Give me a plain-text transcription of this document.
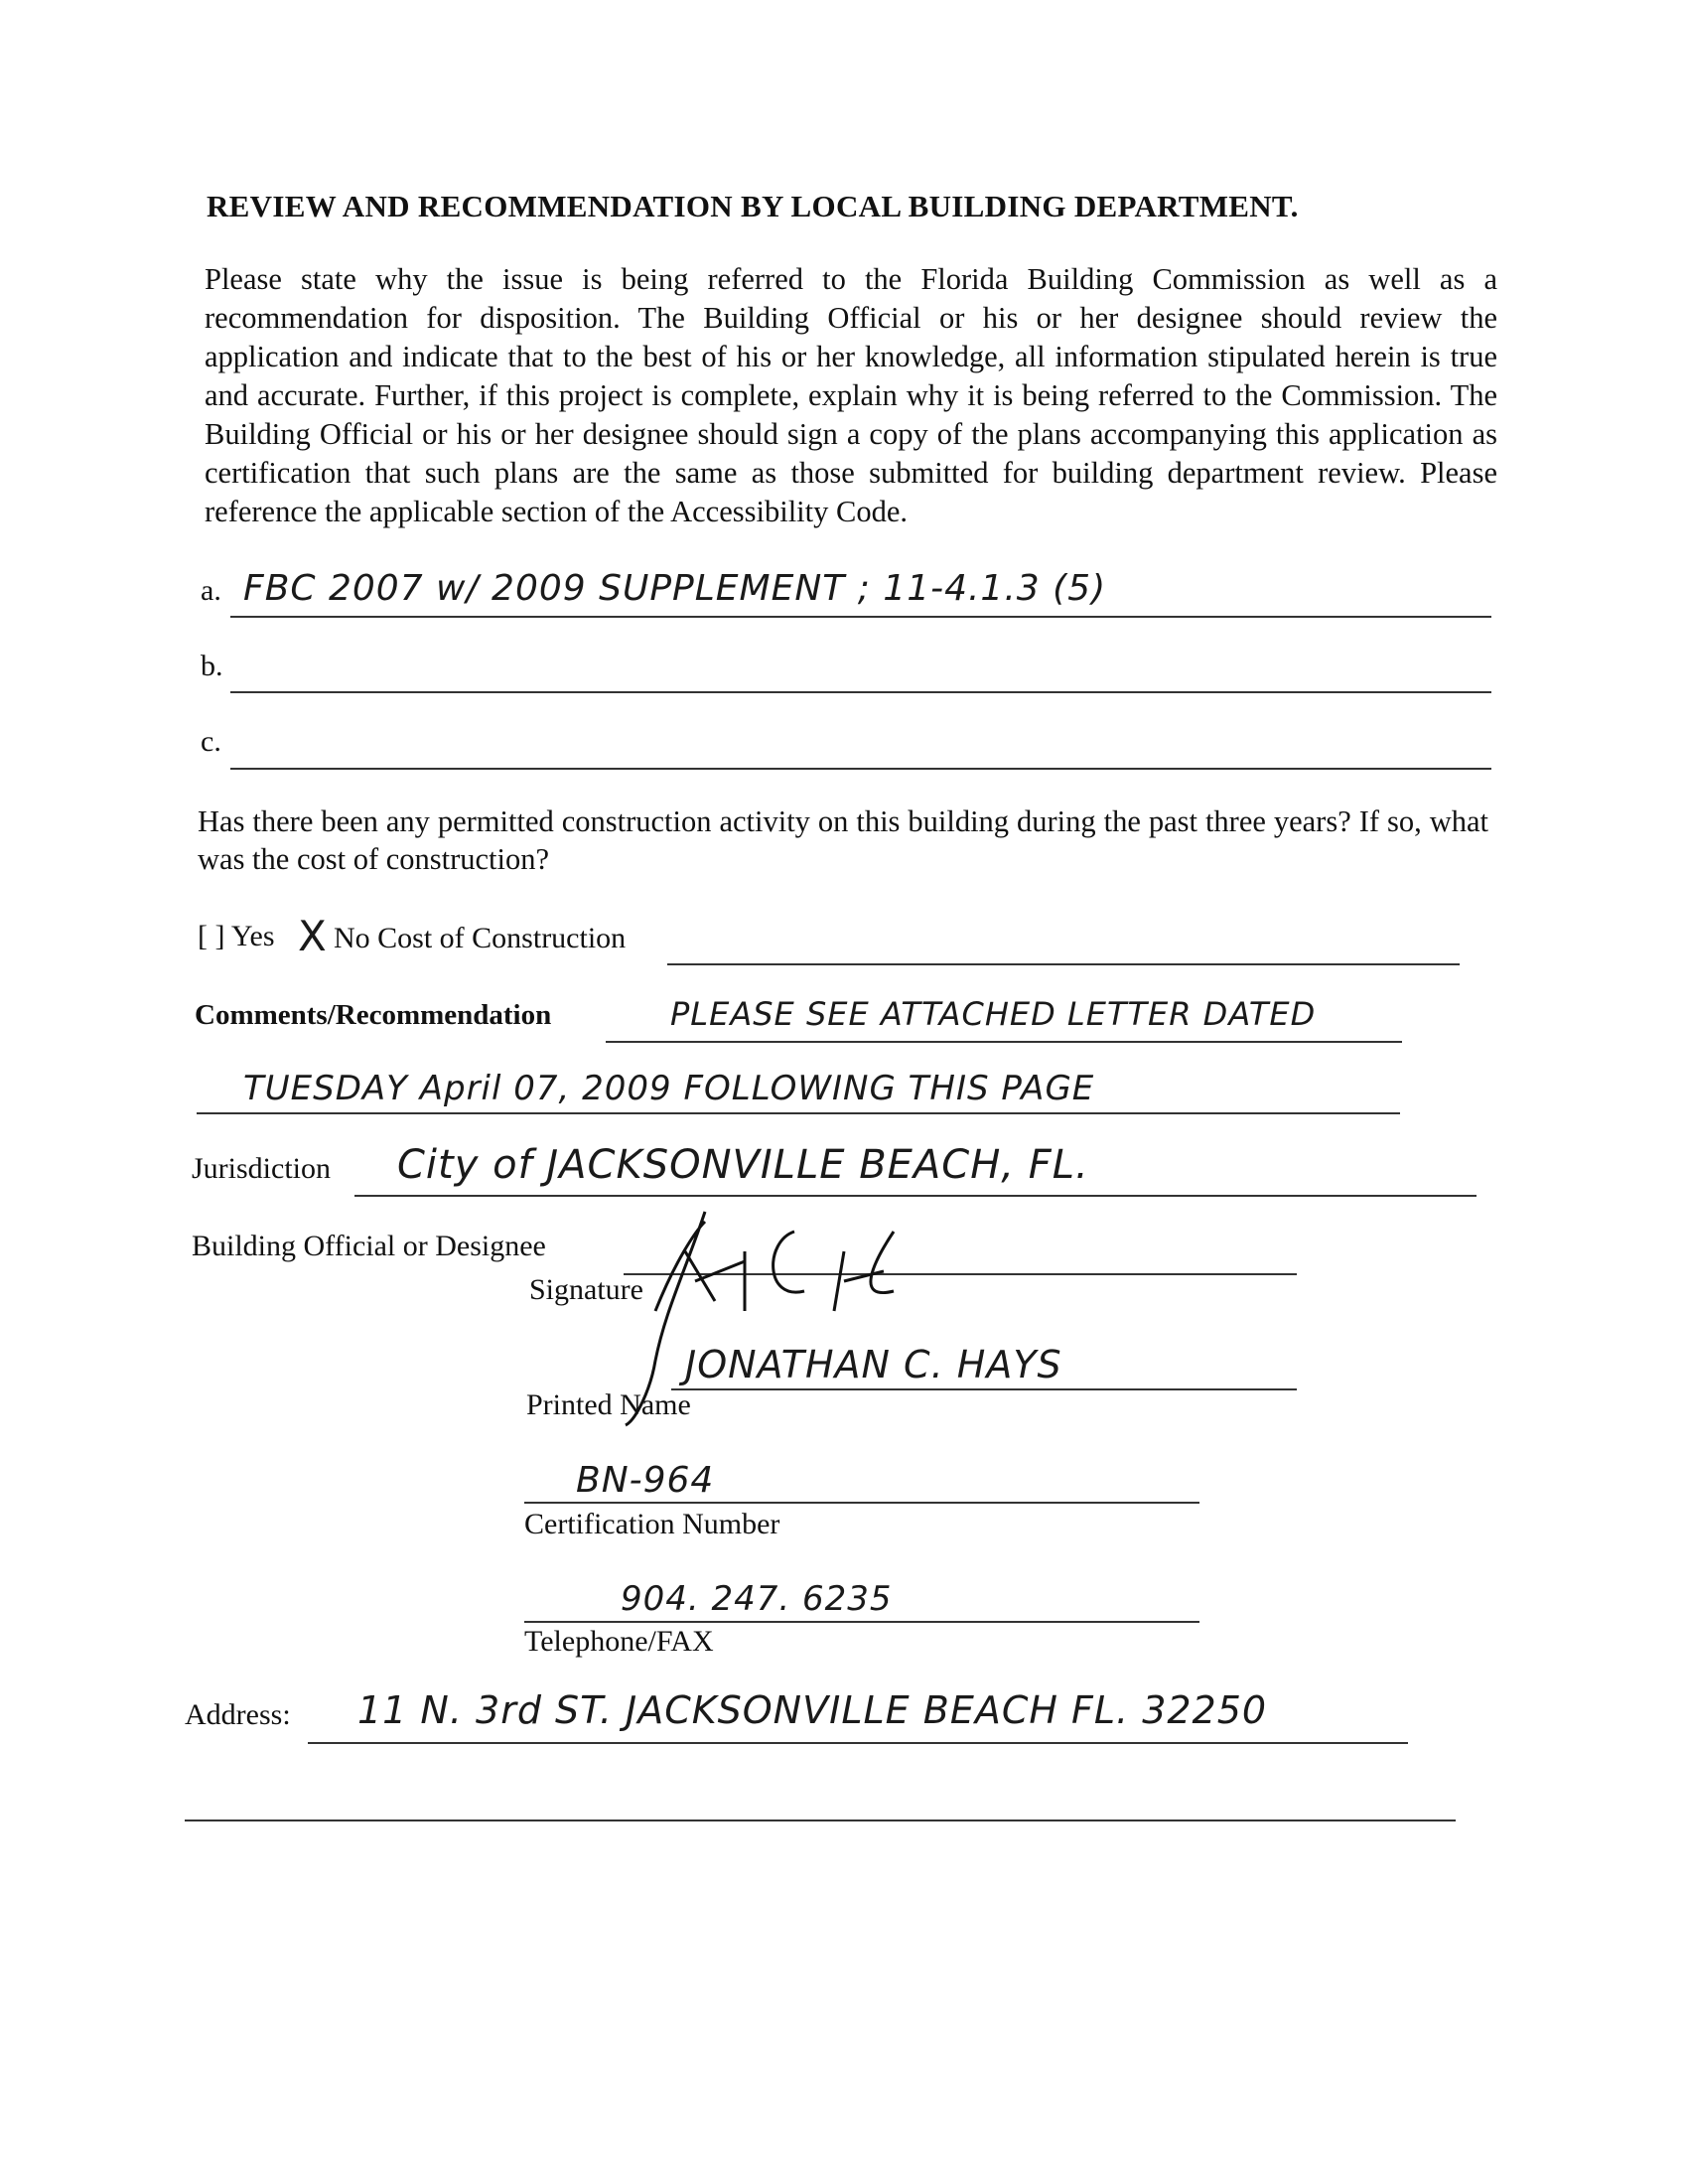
REVIEW AND RECOMMENDATION BY LOCAL BUILDING DEPARTMENT.
Please state why the issue is being referred to the Florida Building Commission as well as a recommendation for disposition. The Building Official or his or her designee should review the application and indicate that to the best of his or her knowledge, all information stipulated herein is true and accurate. Further, if this project is complete, explain why it is being referred to the Commission. The Building Official or his or her designee should sign a copy of the plans accompanying this application as certification that such plans are the same as those submitted for building department review. Please reference the applicable section of the Accessibility Code.
a. FBC 2007 w/ 2009 SUPPLEMENT ; 11-4.1.3 (5)
b.
c.
Has there been any permitted construction activity on this building during the past three years? If so, what was the cost of construction?
[ ] Yes X No Cost of Construction
Comments/Recommendation	PLEASE SEE ATTACHED LETTER DATED
TUESDAY April 07, 2009 FOLLOWING THIS PAGE
Jurisdiction City of JACKSONVILLE BEACH, FL.
Building Official or Designee
Signature
JONATHAN C. HAYS
Printed Name
BN-964
Certification Number
904. 247. 6235
Telephone/FAX
Address: 11 N. 3rd ST. JACKSONVILLE BEACH FL. 32250
